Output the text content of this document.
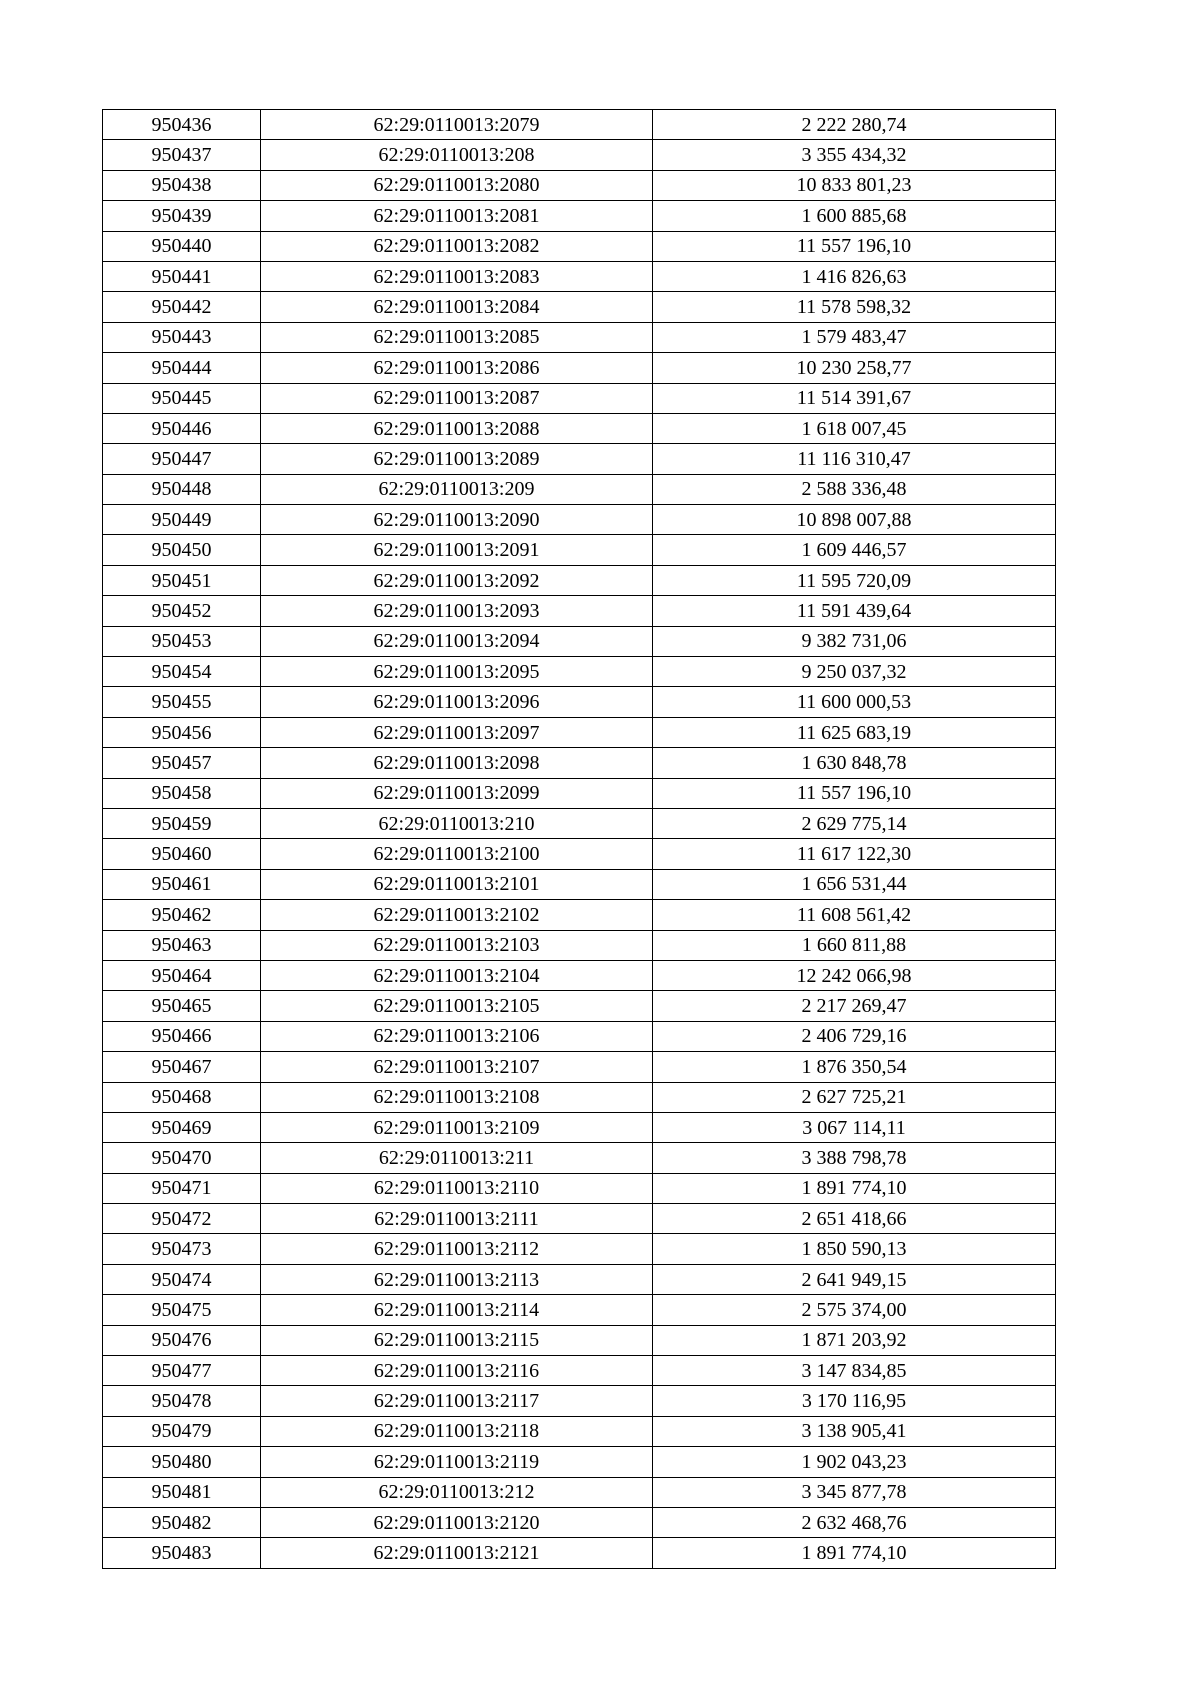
950436	62:29:0110013:2079	2 222 280,74
950437	62:29:0110013:208	3 355 434,32
950438	62:29:0110013:2080	10 833 801,23
950439	62:29:0110013:2081	1 600 885,68
950440	62:29:0110013:2082	11 557 196,10
950441	62:29:0110013:2083	1 416 826,63
950442	62:29:0110013:2084	11 578 598,32
950443	62:29:0110013:2085	1 579 483,47
950444	62:29:0110013:2086	10 230 258,77
950445	62:29:0110013:2087	11 514 391,67
950446	62:29:0110013:2088	1 618 007,45
950447	62:29:0110013:2089	11 116 310,47
950448	62:29:0110013:209	2 588 336,48
950449	62:29:0110013:2090	10 898 007,88
950450	62:29:0110013:2091	1 609 446,57
950451	62:29:0110013:2092	11 595 720,09
950452	62:29:0110013:2093	11 591 439,64
950453	62:29:0110013:2094	9 382 731,06
950454	62:29:0110013:2095	9 250 037,32
950455	62:29:0110013:2096	11 600 000,53
950456	62:29:0110013:2097	11 625 683,19
950457	62:29:0110013:2098	1 630 848,78
950458	62:29:0110013:2099	11 557 196,10
950459	62:29:0110013:210	2 629 775,14
950460	62:29:0110013:2100	11 617 122,30
950461	62:29:0110013:2101	1 656 531,44
950462	62:29:0110013:2102	11 608 561,42
950463	62:29:0110013:2103	1 660 811,88
950464	62:29:0110013:2104	12 242 066,98
950465	62:29:0110013:2105	2 217 269,47
950466	62:29:0110013:2106	2 406 729,16
950467	62:29:0110013:2107	1 876 350,54
950468	62:29:0110013:2108	2 627 725,21
950469	62:29:0110013:2109	3 067 114,11
950470	62:29:0110013:211	3 388 798,78
950471	62:29:0110013:2110	1 891 774,10
950472	62:29:0110013:2111	2 651 418,66
950473	62:29:0110013:2112	1 850 590,13
950474	62:29:0110013:2113	2 641 949,15
950475	62:29:0110013:2114	2 575 374,00
950476	62:29:0110013:2115	1 871 203,92
950477	62:29:0110013:2116	3 147 834,85
950478	62:29:0110013:2117	3 170 116,95
950479	62:29:0110013:2118	3 138 905,41
950480	62:29:0110013:2119	1 902 043,23
950481	62:29:0110013:212	3 345 877,78
950482	62:29:0110013:2120	2 632 468,76
950483	62:29:0110013:2121	1 891 774,10
